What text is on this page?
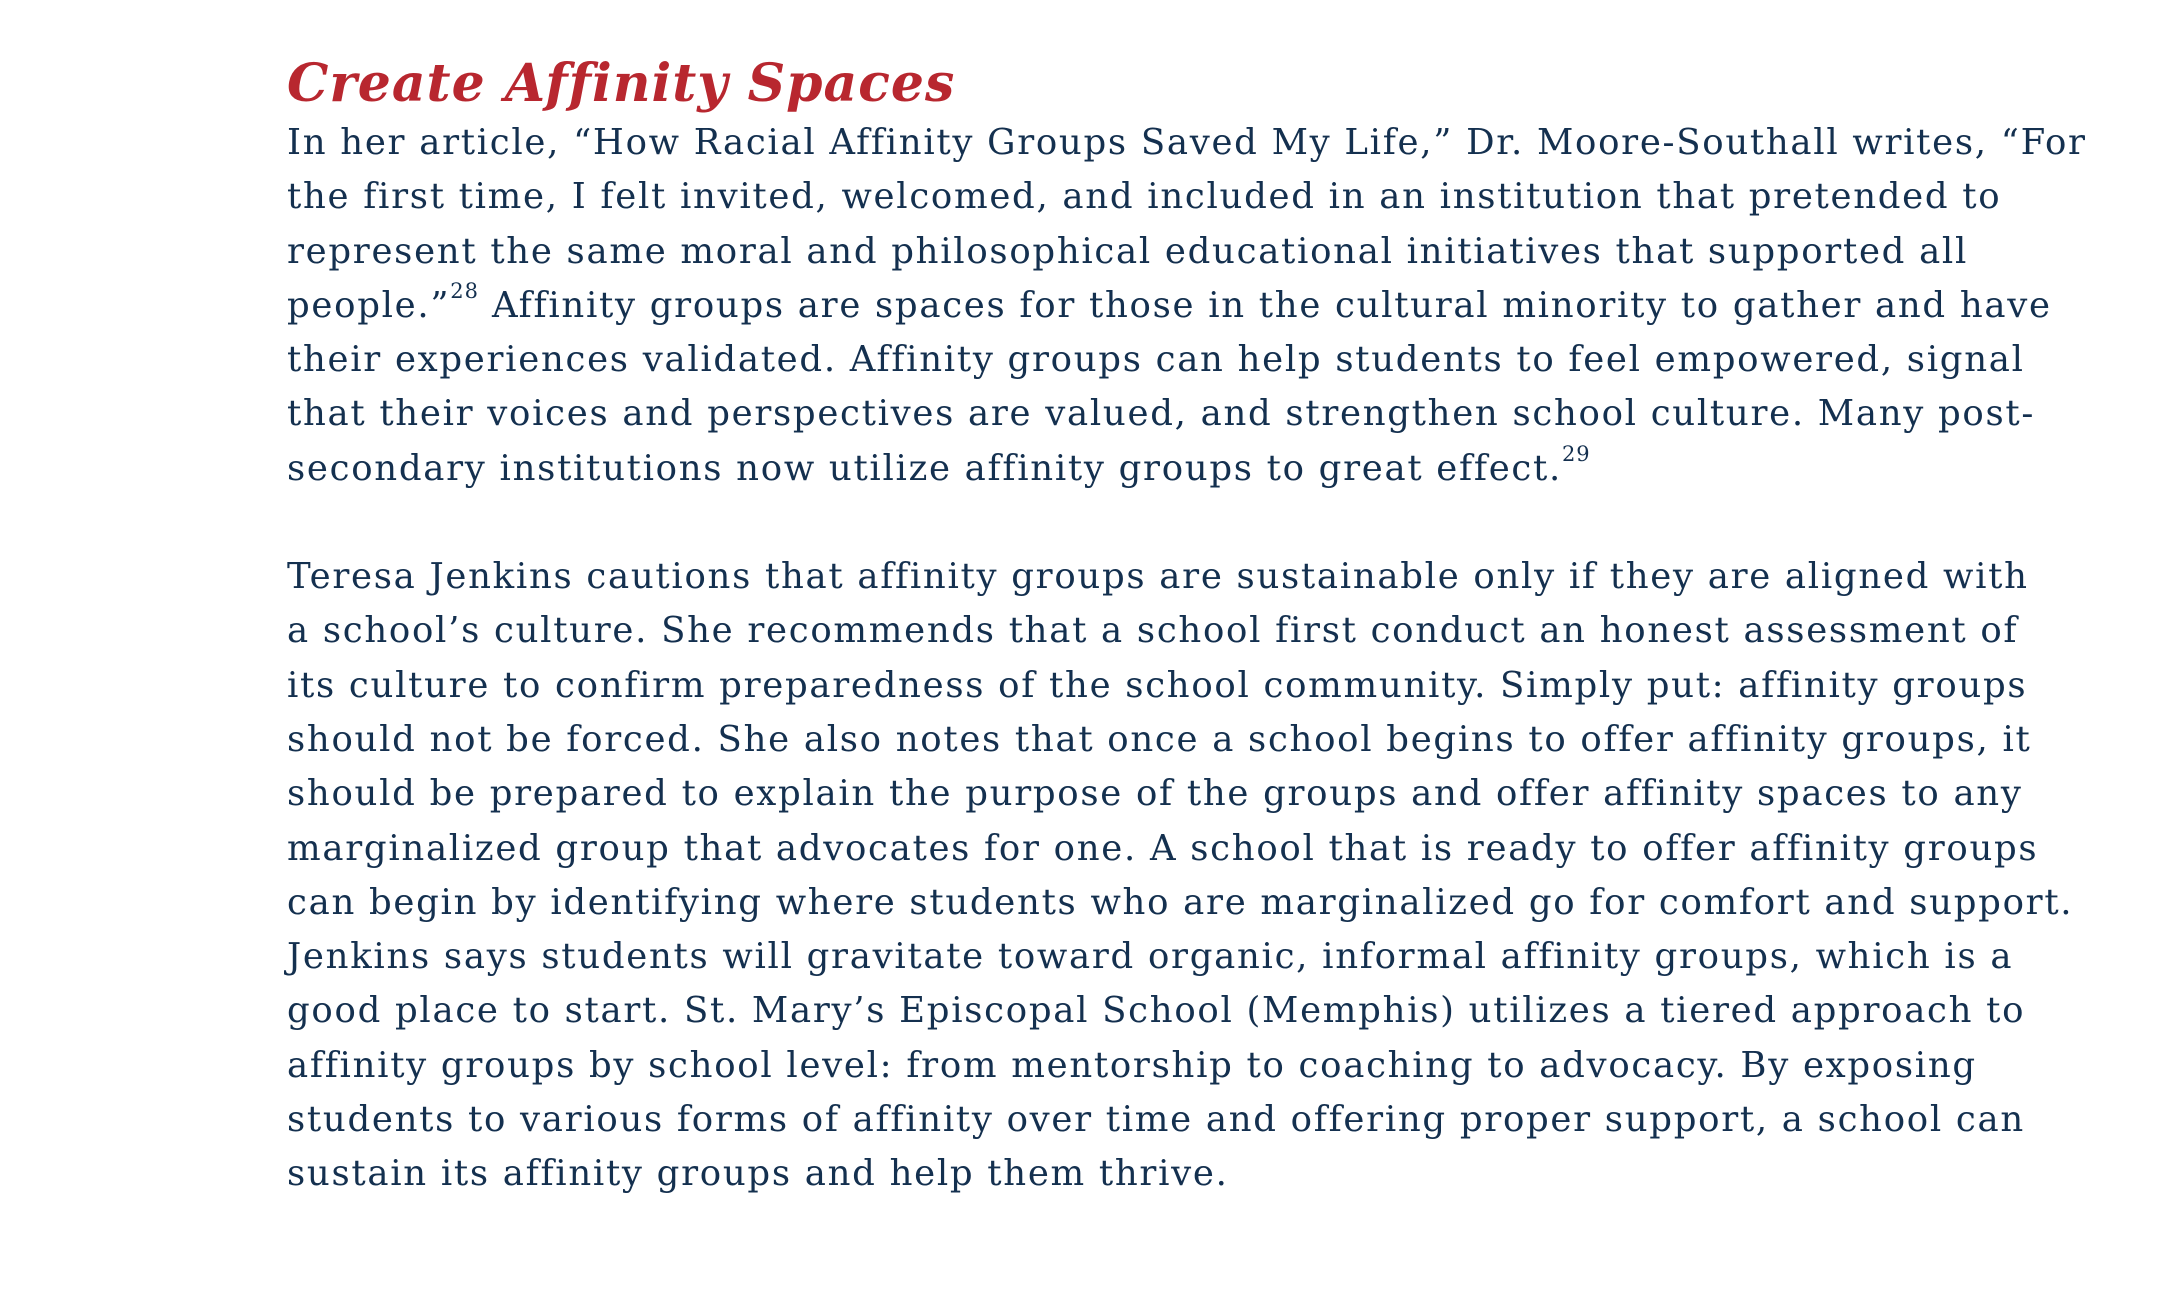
Create Affinity Spaces

In her article, “How Racial Affinity Groups Saved My Life,” Dr. Moore-Southall writes, “For
the first time, I felt invited, welcomed, and included in an institution that pretended to
represent the same moral and philosophical educational initiatives that supported all
people.”$^{28}$ Affinity groups are spaces for those in the cultural minority to gather and have
their experiences validated. Affinity groups can help students to feel empowered, signal
that their voices and perspectives are valued, and strengthen school culture. Many post-
secondary institutions now utilize affinity groups to great effect.$^{29}$

Teresa Jenkins cautions that affinity groups are sustainable only if they are aligned with
a school’s culture. She recommends that a school first conduct an honest assessment of
its culture to confirm preparedness of the school community. Simply put: affinity groups
should not be forced. She also notes that once a school begins to offer affinity groups, it
should be prepared to explain the purpose of the groups and offer affinity spaces to any
marginalized group that advocates for one. A school that is ready to offer affinity groups
can begin by identifying where students who are marginalized go for comfort and support.
Jenkins says students will gravitate toward organic, informal affinity groups, which is a
good place to start. St. Mary’s Episcopal School (Memphis) utilizes a tiered approach to
affinity groups by school level: from mentorship to coaching to advocacy. By exposing
students to various forms of affinity over time and offering proper support, a school can
sustain its affinity groups and help them thrive.
